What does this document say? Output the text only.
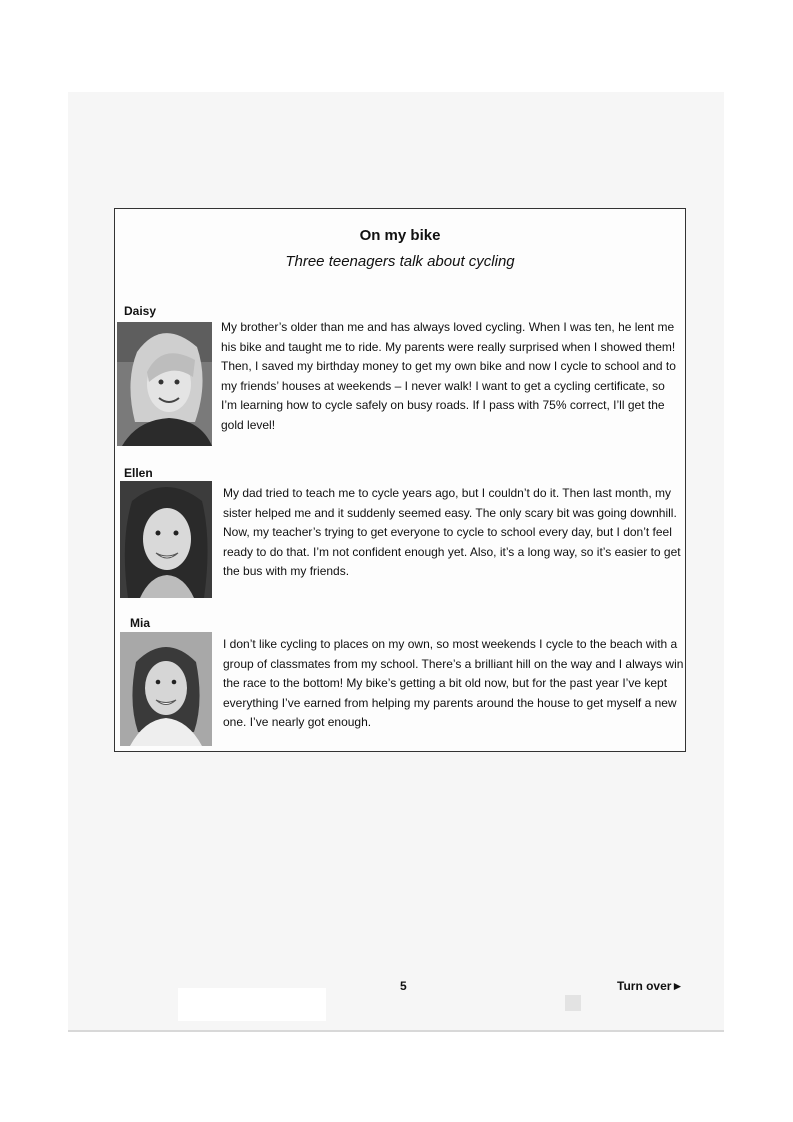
On my bike
Three teenagers talk about cycling
Daisy
My brother’s older than me and has always loved cycling. When I was ten, he lent me his bike and taught me to ride. My parents were really surprised when I showed them! Then, I saved my birthday money to get my own bike and now I cycle to school and to my friends’ houses at weekends – I never walk! I want to get a cycling certificate, so I’m learning how to cycle safely on busy roads. If I pass with 75% correct, I’ll get the gold level!
Ellen
My dad tried to teach me to cycle years ago, but I couldn’t do it. Then last month, my sister helped me and it suddenly seemed easy. The only scary bit was going downhill. Now, my teacher’s trying to get everyone to cycle to school every day, but I don’t feel ready to do that. I’m not confident enough yet. Also, it’s a long way, so it’s easier to get the bus with my friends.
Mia
I don’t like cycling to places on my own, so most weekends I cycle to the beach with a group of classmates from my school. There’s a brilliant hill on the way and I always win the race to the bottom! My bike’s getting a bit old now, but for the past year I’ve kept everything I’ve earned from helping my parents around the house to get myself a new one. I’ve nearly got enough.
5	Turn over►
